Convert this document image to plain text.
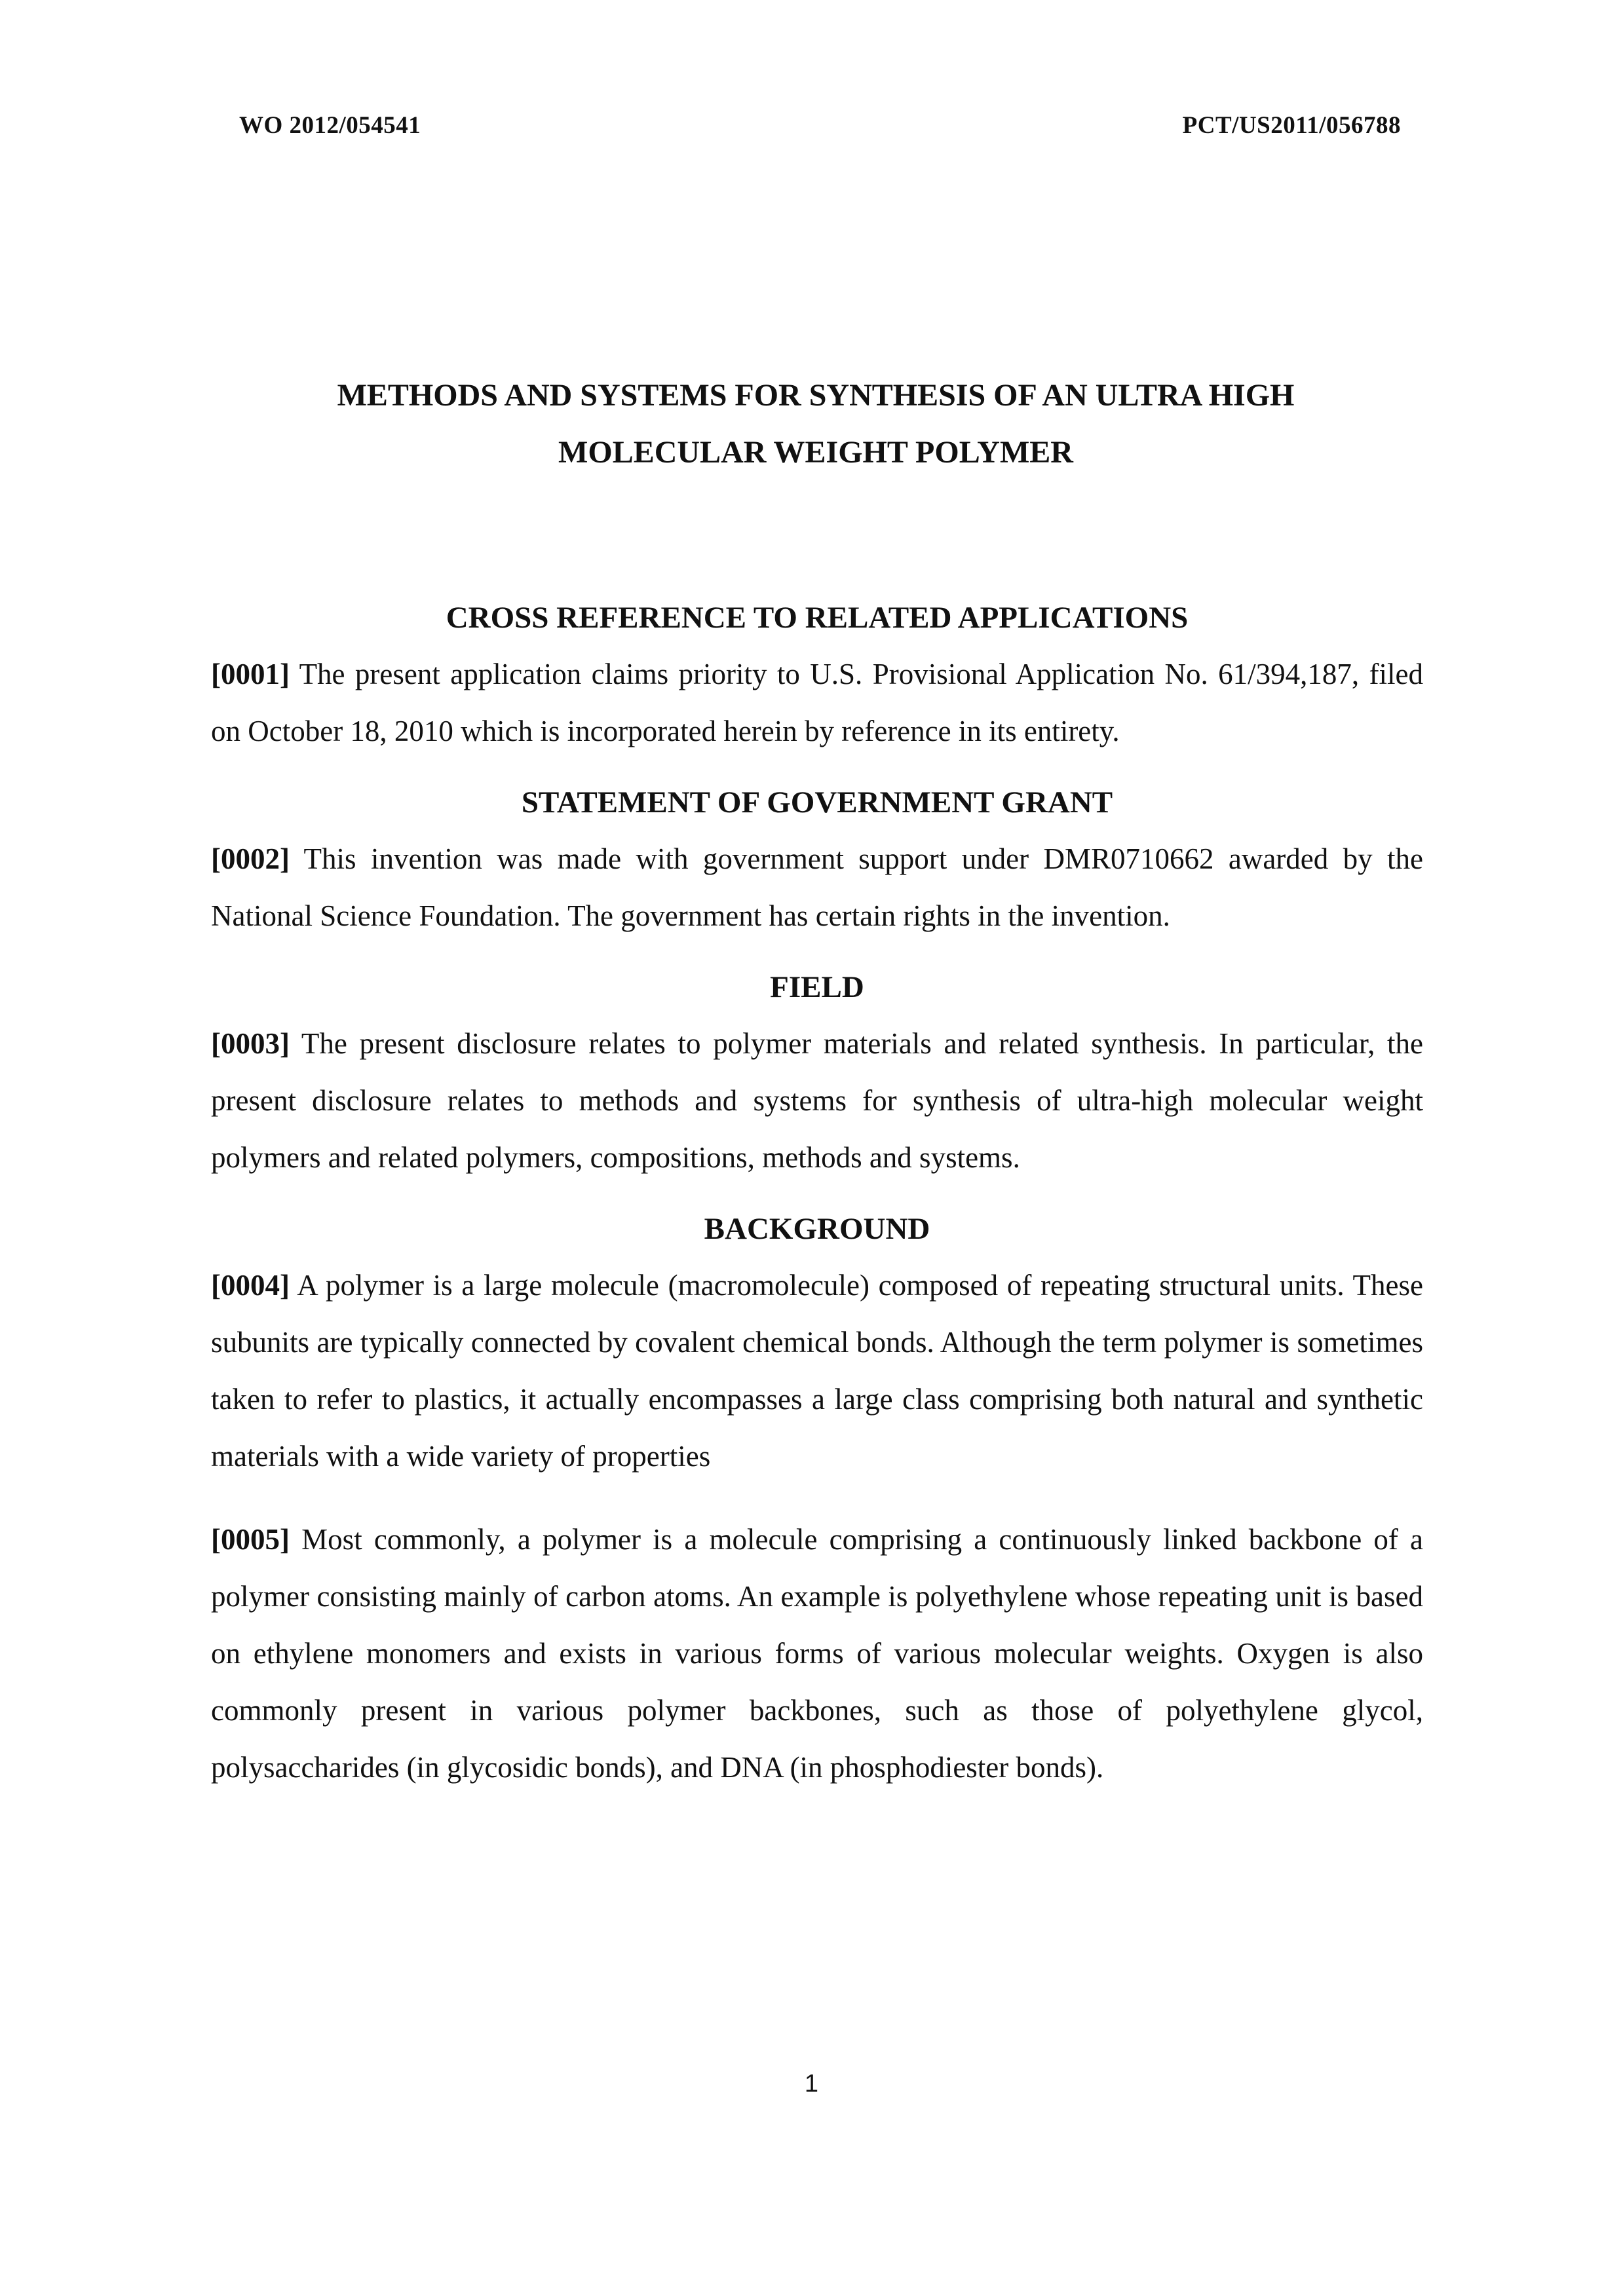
WO 2012/054541	PCT/US2011/056788
METHODS AND SYSTEMS FOR SYNTHESIS OF AN ULTRA HIGH
MOLECULAR WEIGHT POLYMER
CROSS REFERENCE TO RELATED APPLICATIONS

[0001] The present application claims priority to U.S. Provisional Application No. 61/394,187, filed on October 18, 2010 which is incorporated herein by reference in its entirety.

STATEMENT OF GOVERNMENT GRANT

[0002] This invention was made with government support under DMR0710662 awarded by the National Science Foundation. The government has certain rights in the invention.

FIELD

[0003] The present disclosure relates to polymer materials and related synthesis. In particular, the present disclosure relates to methods and systems for synthesis of ultra-high molecular weight polymers and related polymers, compositions, methods and systems.

BACKGROUND

[0004] A polymer is a large molecule (macromolecule) composed of repeating structural units. These subunits are typically connected by covalent chemical bonds. Although the term polymer is sometimes taken to refer to plastics, it actually encompasses a large class comprising both natural and synthetic materials with a wide variety of properties

[0005] Most commonly, a polymer is a molecule comprising a continuously linked backbone of a polymer consisting mainly of carbon atoms. An example is polyethylene whose repeating unit is based on ethylene monomers and exists in various forms of various molecular weights. Oxygen is also commonly present in various polymer backbones, such as those of polyethylene glycol, polysaccharides (in glycosidic bonds), and DNA (in phosphodiester bonds).

1
